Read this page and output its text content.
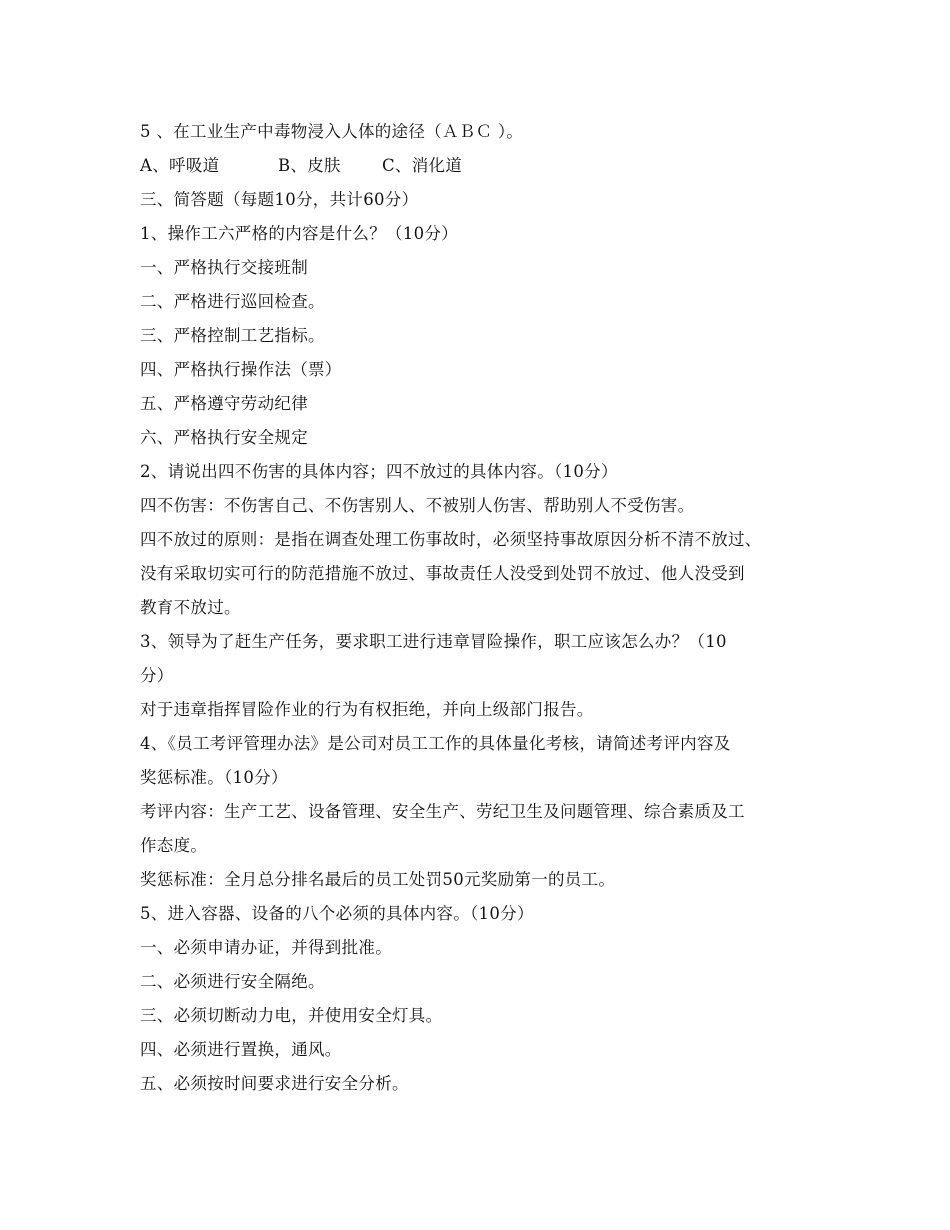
5 、在工业生产中毒物浸入人体的途径（ＡＢＣ ）。
A、呼吸道	B、皮肤 C、消化道
三、简答题（每题10分，共计60分）
1、操作工六严格的内容是什么？（10分）
一、严格执行交接班制
二、严格进行巡回检查。
三、严格控制工艺指标。
四、严格执行操作法（票）
五、严格遵守劳动纪律
六、严格执行安全规定
2、请说出四不伤害的具体内容；四不放过的具体内容。（10分）
四不伤害：不伤害自己、不伤害别人、不被别人伤害、帮助别人不受伤害。
四不放过的原则：是指在调查处理工伤事故时，必须坚持事故原因分析不清不放过、
没有采取切实可行的防范措施不放过、事故责任人没受到处罚不放过、他人没受到
教育不放过。
3、领导为了赶生产任务，要求职工进行违章冒险操作，职工应该怎么办？（10
分）
对于违章指挥冒险作业的行为有权拒绝，并向上级部门报告。
4、《员工考评管理办法》是公司对员工工作的具体量化考核，请简述考评内容及
奖惩标准。（10分）
考评内容：生产工艺、设备管理、安全生产、劳纪卫生及问题管理、综合素质及工
作态度。
奖惩标准：全月总分排名最后的员工处罚50元奖励第一的员工。
5、进入容器、设备的八个必须的具体内容。（10分）
一、必须申请办证，并得到批准。
二、必须进行安全隔绝。
三、必须切断动力电，并使用安全灯具。
四、必须进行置换，通风。
五、必须按时间要求进行安全分析。
